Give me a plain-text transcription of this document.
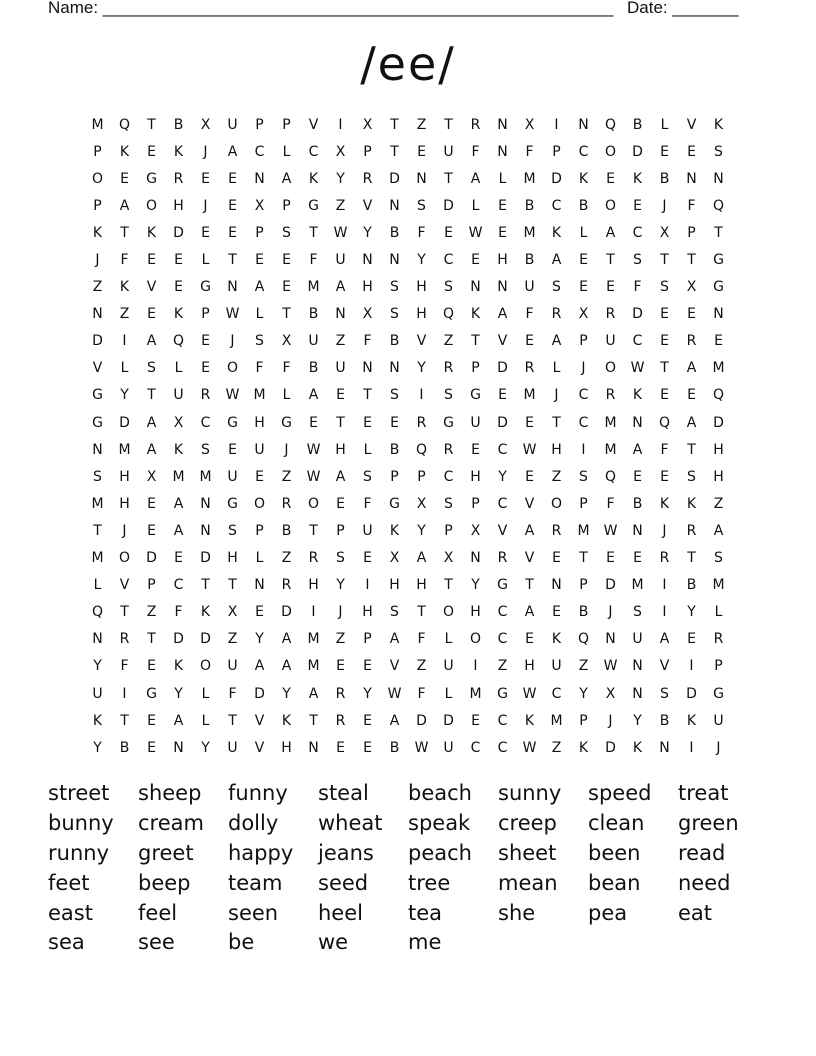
Name: ______________________________________________________ Date: _______
/ee/
M	Q	T	B	X	U	P	P	V	I	X	T	Z	T	R	N	X	I	N	Q	B	L	V	K
P	K	E	K	J	A	C	L	C	X	P	T	E	U	F	N	F	P	C	O	D	E	E	S
O	E	G	R	E	E	N	A	K	Y	R	D	N	T	A	L	M	D	K	E	K	B	N	N
P	A	O	H	J	E	X	P	G	Z	V	N	S	D	L	E	B	C	B	O	E	J	F	Q
K	T	K	D	E	E	P	S	T	W	Y	B	F	E	W	E	M	K	L	A	C	X	P	T
J	F	E	E	L	T	E	E	F	U	N	N	Y	C	E	H	B	A	E	T	S	T	T	G
Z	K	V	E	G	N	A	E	M	A	H	S	H	S	N	N	U	S	E	E	F	S	X	G
N	Z	E	K	P	W	L	T	B	N	X	S	H	Q	K	A	F	R	X	R	D	E	E	N
D	I	A	Q	E	J	S	X	U	Z	F	B	V	Z	T	V	E	A	P	U	C	E	R	E
V	L	S	L	E	O	F	F	B	U	N	N	Y	R	P	D	R	L	J	O	W	T	A	M
G	Y	T	U	R	W	M	L	A	E	T	S	I	S	G	E	M	J	C	R	K	E	E	Q
G	D	A	X	C	G	H	G	E	T	E	E	R	G	U	D	E	T	C	M	N	Q	A	D
N	M	A	K	S	E	U	J	W	H	L	B	Q	R	E	C	W	H	I	M	A	F	T	H
S	H	X	M	M	U	E	Z	W	A	S	P	P	C	H	Y	E	Z	S	Q	E	E	S	H
M	H	E	A	N	G	O	R	O	E	F	G	X	S	P	C	V	O	P	F	B	K	K	Z
T	J	E	A	N	S	P	B	T	P	U	K	Y	P	X	V	A	R	M	W	N	J	R	A
M	O	D	E	D	H	L	Z	R	S	E	X	A	X	N	R	V	E	T	E	E	R	T	S
L	V	P	C	T	T	N	R	H	Y	I	H	H	T	Y	G	T	N	P	D	M	I	B	M
Q	T	Z	F	K	X	E	D	I	J	H	S	T	O	H	C	A	E	B	J	S	I	Y	L
N	R	T	D	D	Z	Y	A	M	Z	P	A	F	L	O	C	E	K	Q	N	U	A	E	R
Y	F	E	K	O	U	A	A	M	E	E	V	Z	U	I	Z	H	U	Z	W	N	V	I	P
U	I	G	Y	L	F	D	Y	A	R	Y	W	F	L	M	G	W	C	Y	X	N	S	D	G
K	T	E	A	L	T	V	K	T	R	E	A	D	D	E	C	K	M	P	J	Y	B	K	U
Y	B	E	N	Y	U	V	H	N	E	E	B	W	U	C	C	W	Z	K	D	K	N	I	J
street	sheep	funny	steal	beach	sunny	speed	treat
bunny	cream	dolly	wheat	speak	creep	clean	green
runny	greet	happy	jeans	peach	sheet	been	read
feet	beep	team	seed	tree	mean	bean	need
east	feel	seen	heel	tea	she	pea	eat
sea	see	be	we	me
